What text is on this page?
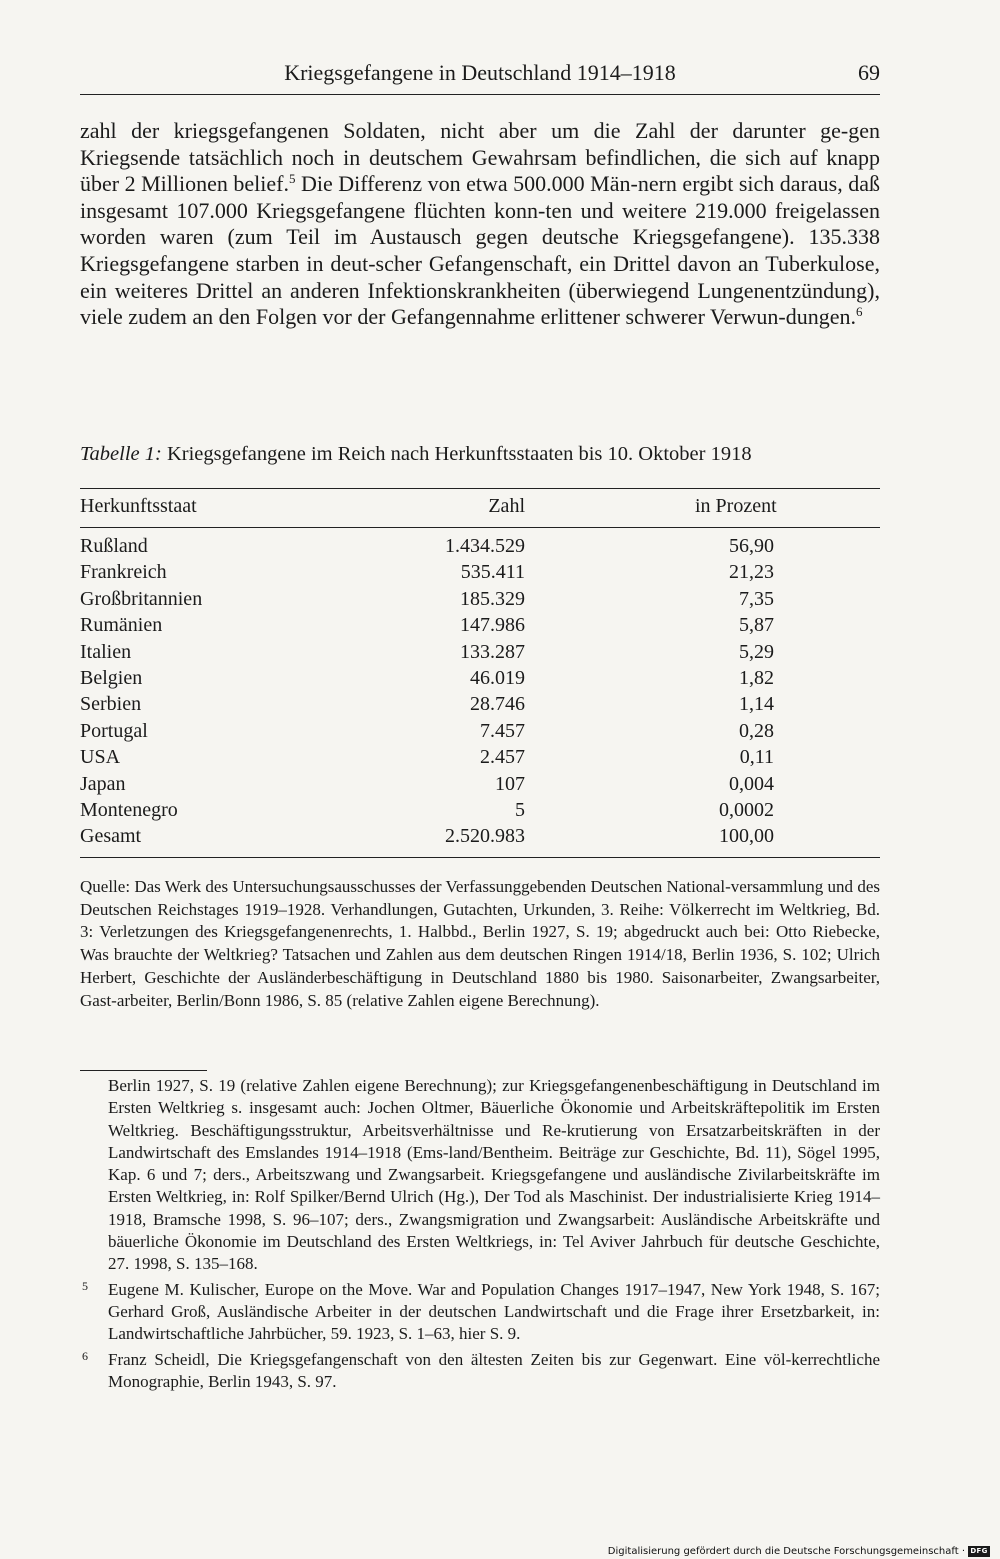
Kriegsgefangene in Deutschland 1914–1918	69

zahl der kriegsgefangenen Soldaten, nicht aber um die Zahl der darunter ge-gen Kriegsende tatsächlich noch in deutschem Gewahrsam befindlichen, die sich auf knapp über 2 Millionen belief.$^5$ Die Differenz von etwa 500.000 Män-nern ergibt sich daraus, daß insgesamt 107.000 Kriegsgefangene flüchten konn-ten und weitere 219.000 freigelassen worden waren (zum Teil im Austausch gegen deutsche Kriegsgefangene). 135.338 Kriegsgefangene starben in deut-scher Gefangenschaft, ein Drittel davon an Tuberkulose, ein weiteres Drittel an anderen Infektionskrankheiten (überwiegend Lungenentzündung), viele zudem an den Folgen vor der Gefangennahme erlittener schwerer Verwun-dungen.$^6$

Tabelle 1: Kriegsgefangene im Reich nach Herkunftsstaaten bis 10. Oktober 1918
Herkunftsstaat	Zahl	in Prozent
Rußland	1.434.529	56,90
Frankreich	535.411	21,23
Großbritannien	185.329	7,35
Rumänien	147.986	5,87
Italien	133.287	5,29
Belgien	46.019	1,82
Serbien	28.746	1,14
Portugal	7.457	0,28
USA	2.457	0,11
Japan	107	0,004
Montenegro	5	0,0002
Gesamt	2.520.983	100,00
Quelle: Das Werk des Untersuchungsausschusses der Verfassunggebenden Deutschen National-versammlung und des Deutschen Reichstages 1919–1928. Verhandlungen, Gutachten, Urkunden, 3. Reihe: Völkerrecht im Weltkrieg, Bd. 3: Verletzungen des Kriegsgefangenenrechts, 1. Halbbd., Berlin 1927, S. 19; abgedruckt auch bei: Otto Riebecke, Was brauchte der Weltkrieg? Tatsachen und Zahlen aus dem deutschen Ringen 1914/18, Berlin 1936, S. 102; Ulrich Herbert, Geschichte der Ausländerbeschäftigung in Deutschland 1880 bis 1980. Saisonarbeiter, Zwangsarbeiter, Gast-arbeiter, Berlin/Bonn 1986, S. 85 (relative Zahlen eigene Berechnung).
Berlin 1927, S. 19 (relative Zahlen eigene Berechnung); zur Kriegsgefangenenbeschäftigung in Deutschland im Ersten Weltkrieg s. insgesamt auch: Jochen Oltmer, Bäuerliche Ökonomie und Arbeitskräftepolitik im Ersten Weltkrieg. Beschäftigungsstruktur, Arbeitsverhältnisse und Re-krutierung von Ersatzarbeitskräften in der Landwirtschaft des Emslandes 1914–1918 (Ems-land/Bentheim. Beiträge zur Geschichte, Bd. 11), Sögel 1995, Kap. 6 und 7; ders., Arbeitszwang und Zwangsarbeit. Kriegsgefangene und ausländische Zivilarbeitskräfte im Ersten Weltkrieg, in: Rolf Spilker/Bernd Ulrich (Hg.), Der Tod als Maschinist. Der industrialisierte Krieg 1914–1918, Bramsche 1998, S. 96–107; ders., Zwangsmigration und Zwangsarbeit: Ausländische Arbeitskräfte und bäuerliche Ökonomie im Deutschland des Ersten Weltkriegs, in: Tel Aviver Jahrbuch für deutsche Geschichte, 27. 1998, S. 135–168.
5 Eugene M. Kulischer, Europe on the Move. War and Population Changes 1917–1947, New York 1948, S. 167; Gerhard Groß, Ausländische Arbeiter in der deutschen Landwirtschaft und die Frage ihrer Ersetzbarkeit, in: Landwirtschaftliche Jahrbücher, 59. 1923, S. 1–63, hier S. 9.
6 Franz Scheidl, Die Kriegsgefangenschaft von den ältesten Zeiten bis zur Gegenwart. Eine völ-kerrechtliche Monographie, Berlin 1943, S. 97.
Digitalisierung gefördert durch die Deutsche Forschungsgemeinschaft · DFG
